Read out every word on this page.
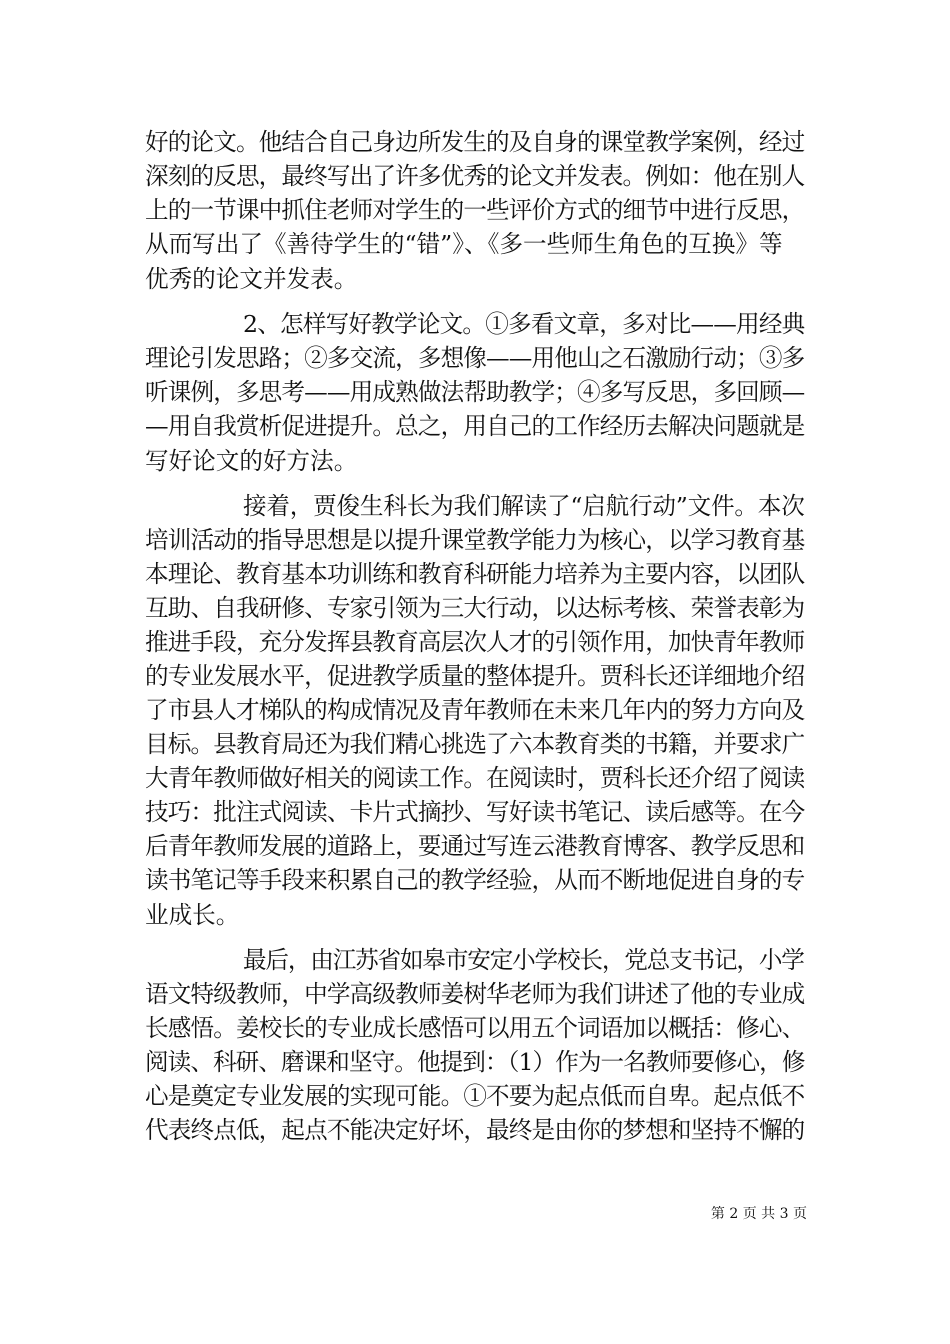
好的论文。他结合自己身边所发生的及自身的课堂教学案例，经过
深刻的反思，最终写出了许多优秀的论文并发表。例如：他在别人
上的一节课中抓住老师对学生的一些评价方式的细节中进行反思，
从而写出了《善待学生的“错”》、《多一些师生角色的互换》等
优秀的论文并发表。
2、怎样写好教学论文。①多看文章，多对比——用经典
理论引发思路；②多交流，多想像——用他山之石激励行动；③多
听课例，多思考——用成熟做法帮助教学；④多写反思，多回顾—
—用自我赏析促进提升。总之，用自己的工作经历去解决问题就是
写好论文的好方法。
接着，贾俊生科长为我们解读了“启航行动”文件。本次
培训活动的指导思想是以提升课堂教学能力为核心，以学习教育基
本理论、教育基本功训练和教育科研能力培养为主要内容，以团队
互助、自我研修、专家引领为三大行动，以达标考核、荣誉表彰为
推进手段，充分发挥县教育高层次人才的引领作用，加快青年教师
的专业发展水平，促进教学质量的整体提升。贾科长还详细地介绍
了市县人才梯队的构成情况及青年教师在未来几年内的努力方向及
目标。县教育局还为我们精心挑选了六本教育类的书籍，并要求广
大青年教师做好相关的阅读工作。在阅读时，贾科长还介绍了阅读
技巧：批注式阅读、卡片式摘抄、写好读书笔记、读后感等。在今
后青年教师发展的道路上，要通过写连云港教育博客、教学反思和
读书笔记等手段来积累自己的教学经验，从而不断地促进自身的专
业成长。
最后，由江苏省如皋市安定小学校长，党总支书记，小学
语文特级教师，中学高级教师姜树华老师为我们讲述了他的专业成
长感悟。姜校长的专业成长感悟可以用五个词语加以概括：修心、
阅读、科研、磨课和坚守。他提到：（1）作为一名教师要修心，修
心是奠定专业发展的实现可能。①不要为起点低而自卑。起点低不
代表终点低，起点不能决定好坏，最终是由你的梦想和坚持不懈的
第 2 页 共 3 页
